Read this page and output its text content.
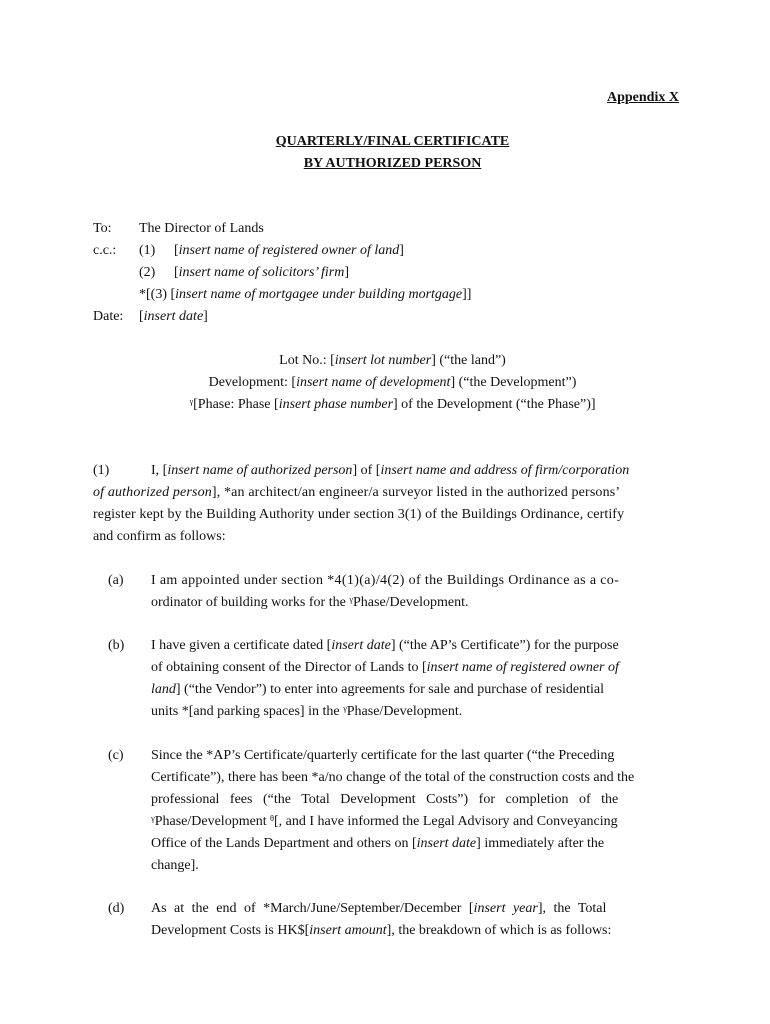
Appendix X
QUARTERLY/FINAL CERTIFICATE
BY AUTHORIZED PERSON
To: The Director of Lands
c.c.: (1) [insert name of registered owner of land]
(2) [insert name of solicitors’ firm]
*[(3) [insert name of mortgagee under building mortgage]]
Date: [insert date]
Lot No.: [insert lot number] (“the land”)
Development: [insert name of development] (“the Development”)
ᵞ[Phase: Phase [insert phase number] of the Development (“the Phase”)]
(1)	I, [insert name of authorized person] of [insert name and address of firm/corporation
of authorized person], *an architect/an engineer/a surveyor listed in the authorized persons’
register kept by the Building Authority under section 3(1) of the Buildings Ordinance, certify
and confirm as follows:
(a) I am appointed under section *4(1)(a)/4(2) of the Buildings Ordinance as a co-
ordinator of building works for the ᵞPhase/Development.
(b) I have given a certificate dated [insert date] (“the AP’s Certificate”) for the purpose
of obtaining consent of the Director of Lands to [insert name of registered owner of
land] (“the Vendor”) to enter into agreements for sale and purchase of residential
units *[and parking spaces] in the ᵞPhase/Development.
(c) Since the *AP’s Certificate/quarterly certificate for the last quarter (“the Preceding
Certificate”), there has been *a/no change of the total of the construction costs and the
professional fees (“the Total Development Costs”) for completion of the
ᵞPhase/Development ᶿ[, and I have informed the Legal Advisory and Conveyancing
Office of the Lands Department and others on [insert date] immediately after the
change].
(d) As at the end of *March/June/September/December [insert year], the Total
Development Costs is HK$[insert amount], the breakdown of which is as follows:
